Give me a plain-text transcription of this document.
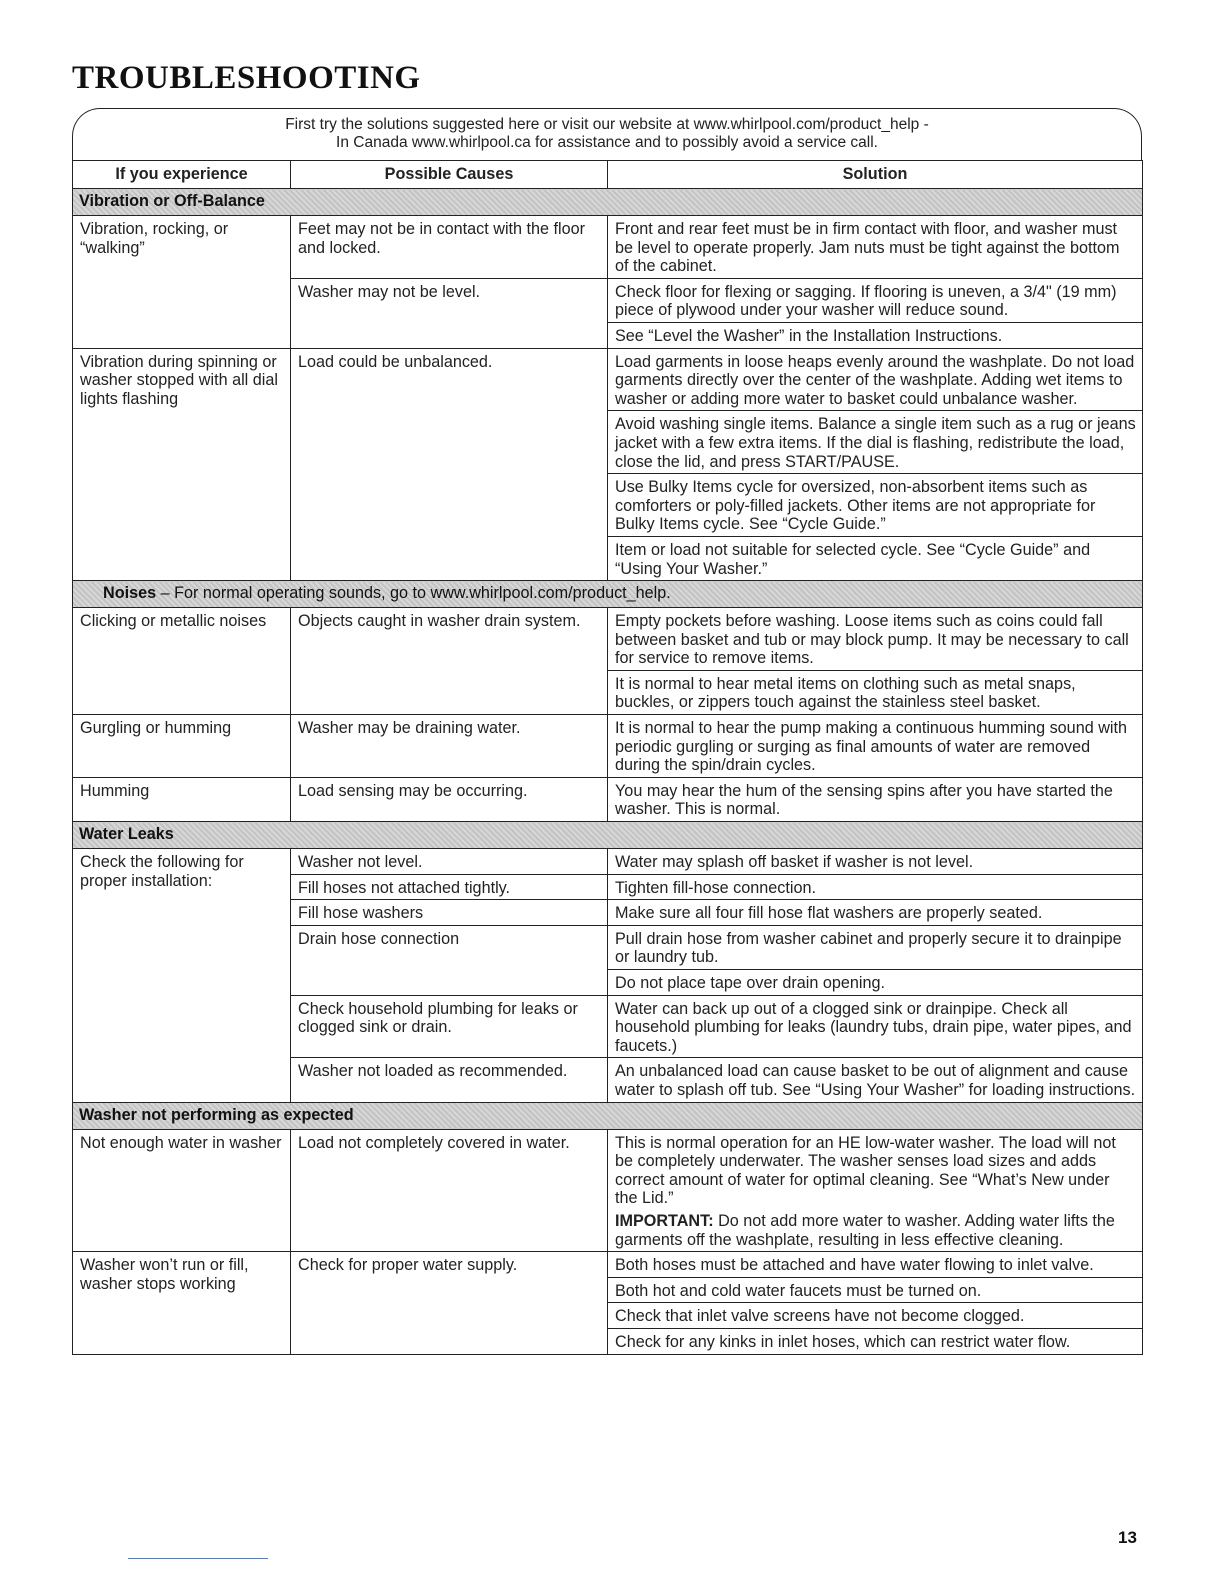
TROUBLESHOOTING
First try the solutions suggested here or visit our website at www.whirlpool.com/product_help -
In Canada www.whirlpool.ca for assistance and to possibly avoid a service call.
If you experience	Possible Causes	Solution
Vibration or Off-Balance		
Vibration, rocking, or “walking”	Feet may not be in contact with the floor and locked.	Front and rear feet must be in firm contact with floor, and washer must be level to operate properly. Jam nuts must be tight against the bottom of the cabinet.
	Washer may not be level.	Check floor for flexing or sagging. If flooring is uneven, a 3/4" (19 mm) piece of plywood under your washer will reduce sound.
		See “Level the Washer” in the Installation Instructions.
Vibration during spinning or washer stopped with all dial lights flashing	Load could be unbalanced.	Load garments in loose heaps evenly around the washplate. Do not load garments directly over the center of the washplate. Adding wet items to washer or adding more water to basket could unbalance washer.
		Avoid washing single items. Balance a single item such as a rug or jeans jacket with a few extra items. If the dial is flashing, redistribute the load, close the lid, and press START/PAUSE.
		Use Bulky Items cycle for oversized, non-absorbent items such as comforters or poly-filled jackets. Other items are not appropriate for Bulky Items cycle. See “Cycle Guide.”
		Item or load not suitable for selected cycle. See “Cycle Guide” and “Using Your Washer.”
Noises – For normal operating sounds, go to www.whirlpool.com/product_help.		
Clicking or metallic noises	Objects caught in washer drain system.	Empty pockets before washing. Loose items such as coins could fall between basket and tub or may block pump. It may be necessary to call for service to remove items.
		It is normal to hear metal items on clothing such as metal snaps, buckles, or zippers touch against the stainless steel basket.
Gurgling or humming	Washer may be draining water.	It is normal to hear the pump making a continuous humming sound with periodic gurgling or surging as final amounts of water are removed during the spin/drain cycles.
Humming	Load sensing may be occurring.	You may hear the hum of the sensing spins after you have started the washer. This is normal.
Water Leaks		
Check the following for proper installation:	Washer not level.	Water may splash off basket if washer is not level.
	Fill hoses not attached tightly.	Tighten fill-hose connection.
	Fill hose washers	Make sure all four fill hose flat washers are properly seated.
	Drain hose connection	Pull drain hose from washer cabinet and properly secure it to drainpipe or laundry tub.
		Do not place tape over drain opening.
	Check household plumbing for leaks or clogged sink or drain.	Water can back up out of a clogged sink or drainpipe. Check all household plumbing for leaks (laundry tubs, drain pipe, water pipes, and faucets.)
	Washer not loaded as recommended.	An unbalanced load can cause basket to be out of alignment and cause water to splash off tub. See “Using Your Washer” for loading instructions.
Washer not performing as expected		
Not enough water in washer	Load not completely covered in water.	This is normal operation for an HE low-water washer. The load will not be completely underwater. The washer senses load sizes and adds correct amount of water for optimal cleaning. See “What’s New under the Lid.”
IMPORTANT: Do not add more water to washer. Adding water lifts the garments off the washplate, resulting in less effective cleaning.

Washer won’t run or fill, washer stops working	Check for proper water supply.	Both hoses must be attached and have water flowing to inlet valve.
		Both hot and cold water faucets must be turned on.
		Check that inlet valve screens have not become clogged.
		Check for any kinks in inlet hoses, which can restrict water flow.
13
